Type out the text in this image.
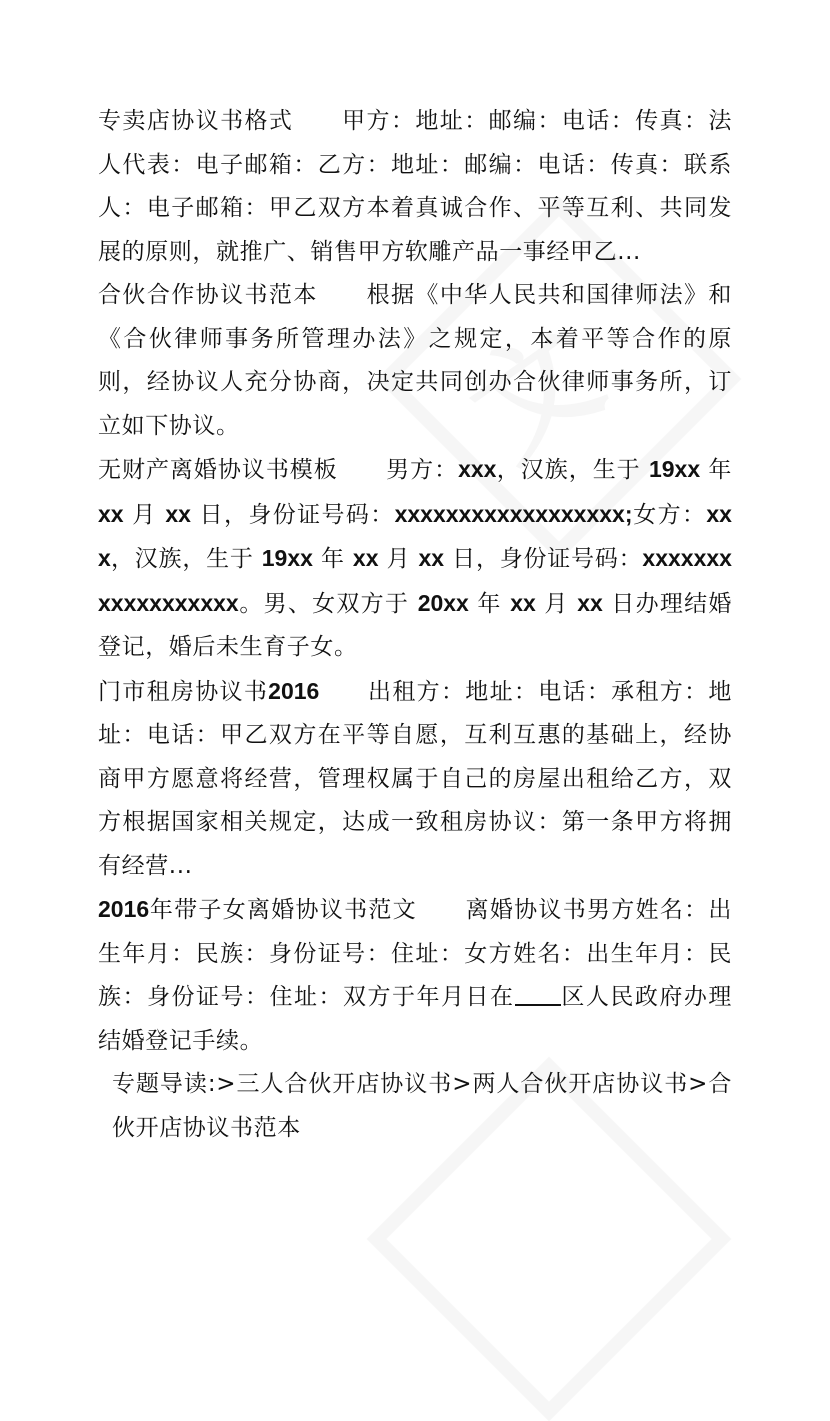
专卖店协议书格式 甲方：地址：邮编：电话：传真：法人代表：电子邮箱：乙方：地址：邮编：电话：传真：联系人：电子邮箱：甲乙双方本着真诚合作、平等互利、共同发展的原则，就推广、销售甲方软雕产品一事经甲乙...

合伙合作协议书范本 根据《中华人民共和国律师法》和《合伙律师事务所管理办法》之规定，本着平等合作的原则，经协议人充分协商，决定共同创办合伙律师事务所，订立如下协议。

无财产离婚协议书模板 男方：xxx，汉族，生于 19xx 年 xx 月 xx 日，身份证号码：xxxxxxxxxxxxxxxxxx;女方：xxx，汉族，生于 19xx 年 xx 月 xx 日，身份证号码：xxxxxxxxxxxxxxxxxx。男、女双方于 20xx 年 xx 月 xx 日办理结婚登记，婚后未生育子女。

门市租房协议书2016 出租方：地址：电话：承租方：地址：电话：甲乙双方在平等自愿，互利互惠的基础上，经协商甲方愿意将经营，管理权属于自己的房屋出租给乙方，双方根据国家相关规定，达成一致租房协议：第一条甲方将拥有经营...

2016年带子女离婚协议书范文 离婚协议书男方姓名：出生年月：民族：身份证号：住址：女方姓名：出生年月：民族：身份证号：住址：双方于年月日在 区人民政府办理结婚登记手续。

专题导读:>三人合伙开店协议书>两人合伙开店协议书>合伙开店协议书范本
